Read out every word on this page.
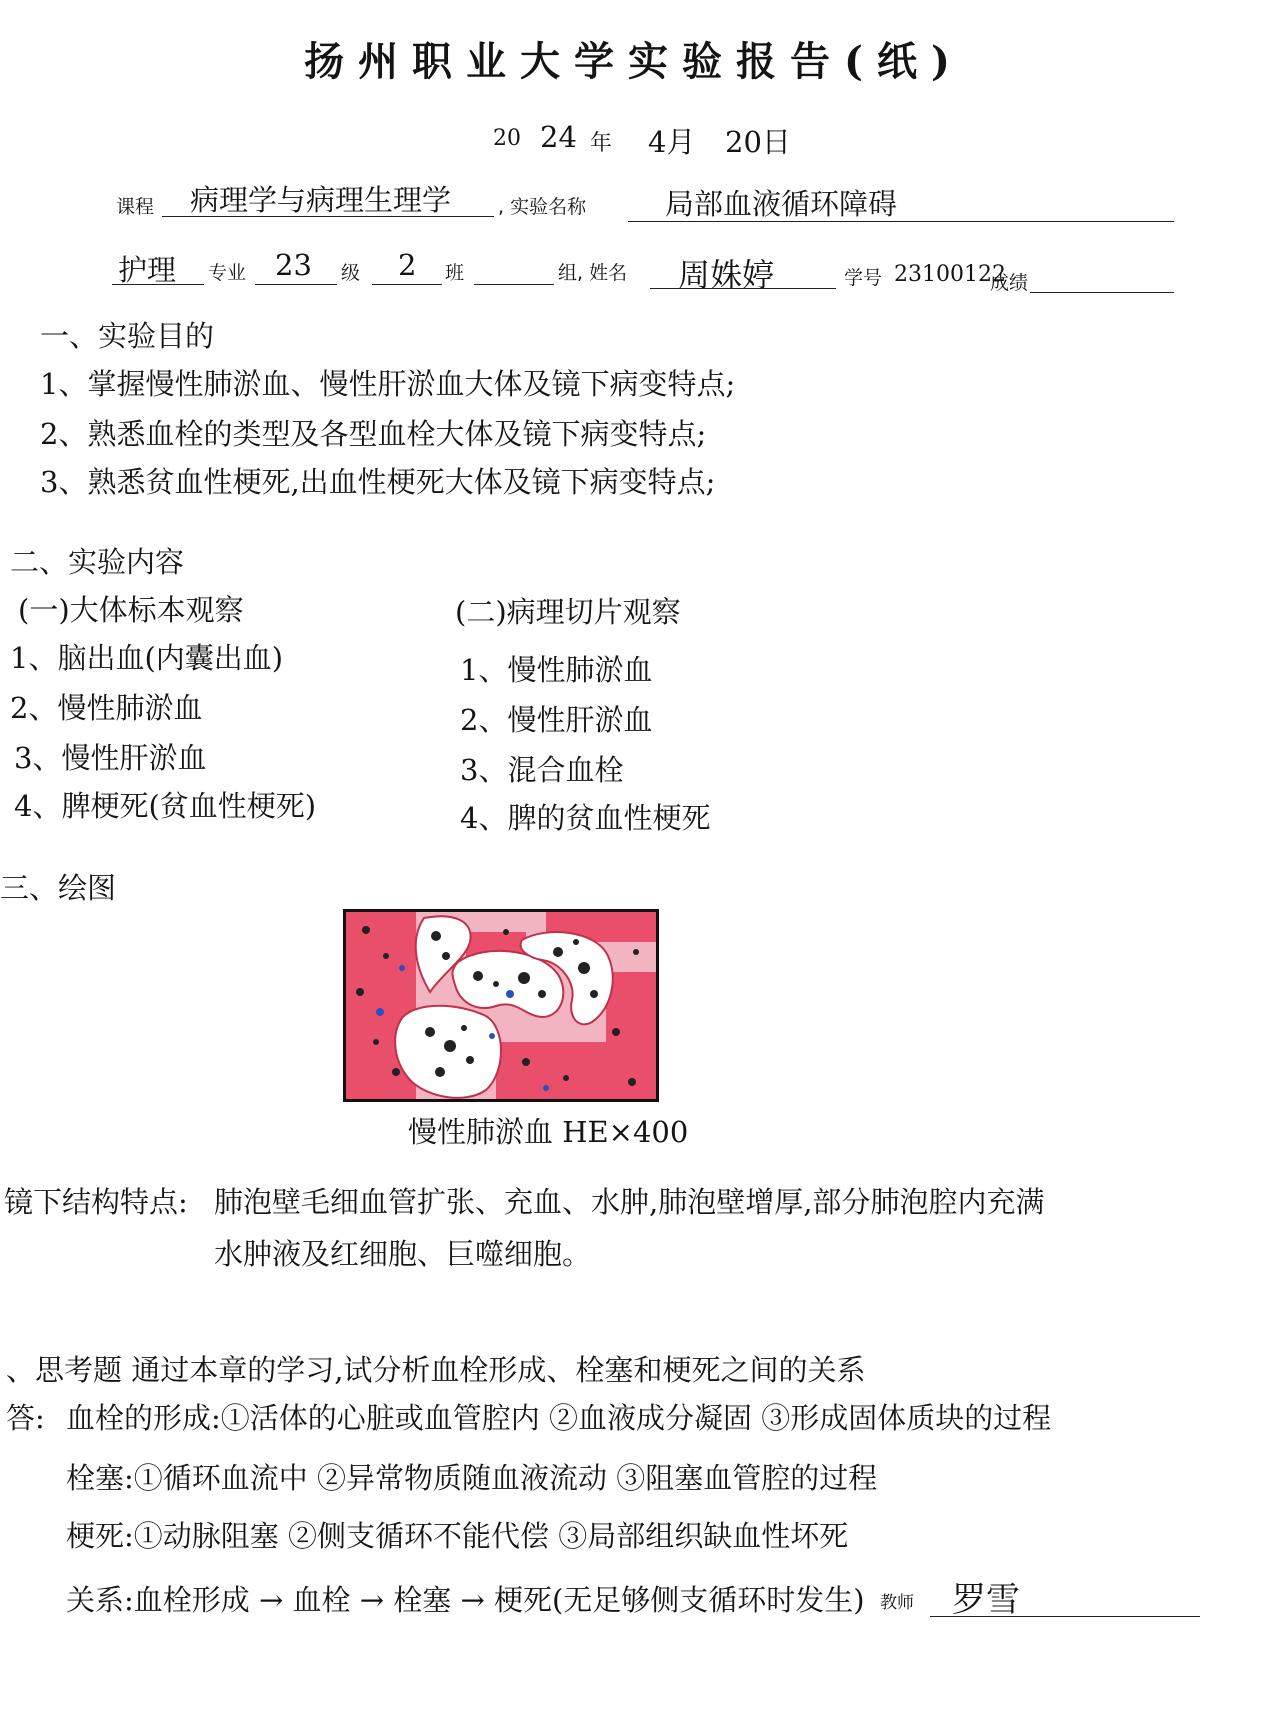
扬州职业大学实验报告(纸)
20 24 年 4月 20日
课程 病理学与病理生理学 , 实验名称	局部血液循环障碍
护理 专业 23 级 2 班	组, 姓名 周姝婷	学号 23100122
成绩
一、实验目的
1、掌握慢性肺淤血、慢性肝淤血大体及镜下病变特点;
2、熟悉血栓的类型及各型血栓大体及镜下病变特点;
3、熟悉贫血性梗死,出血性梗死大体及镜下病变特点;
二、实验内容
(一)大体标本观察
1、脑出血(内囊出血)
2、慢性肺淤血
3、慢性肝淤血
4、脾梗死(贫血性梗死)
(二)病理切片观察
1、慢性肺淤血
2、慢性肝淤血
3、混合血栓
4、脾的贫血性梗死
三、绘图
慢性肺淤血 HE×400
镜下结构特点: 肺泡壁毛细血管扩张、充血、水肿,肺泡壁增厚,部分肺泡腔内充满
水肿液及红细胞、巨噬细胞。
、思考题 通过本章的学习,试分析血栓形成、栓塞和梗死之间的关系
答: 血栓的形成:①活体的心脏或血管腔内 ②血液成分凝固 ③形成固体质块的过程
栓塞:①循环血流中 ②异常物质随血液流动 ③阻塞血管腔的过程
梗死:①动脉阻塞 ②侧支循环不能代偿 ③局部组织缺血性坏死
关系:血栓形成 → 血栓 → 栓塞 → 梗死(无足够侧支循环时发生) 教师 罗雪
